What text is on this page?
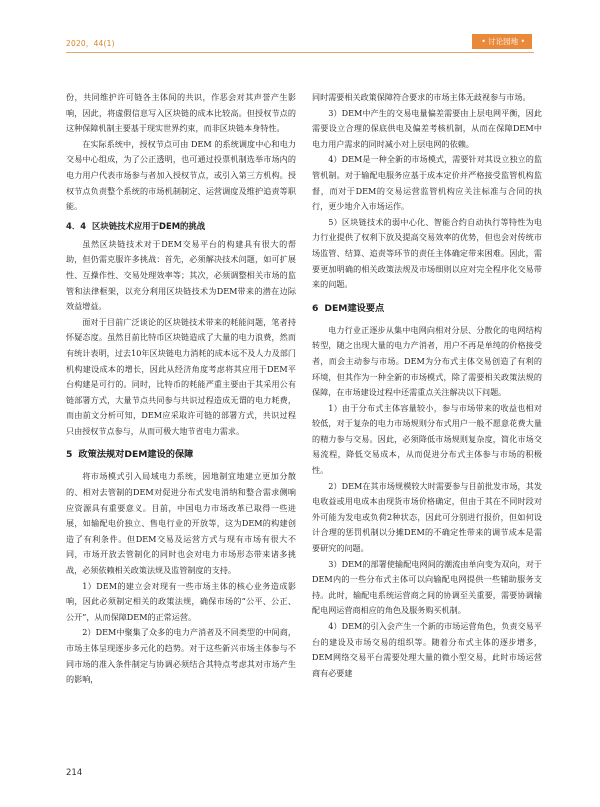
2020，44(1)	• 讨论园地 •

份，共同维护许可链各主体间的共识，作恶会对其声誉产生影响，因此，将虚假信息写入区块链的成本比较高。但授权节点的这种保障机制主要基于现实世界约束，而非区块链本身特性。

在实际系统中，授权节点可由 DEM 的系统调度中心和电力交易中心组成，为了公正透明，也可通过投票机制选举市场内的电力用户代表市场参与者加入授权节点，或引入第三方机构。授权节点负责整个系统的市场机制制定、运营调度及维护追责等职能。

4．4 区块链技术应用于DEM的挑战

虽然区块链技术对于DEM交易平台的构建具有很大的帮助，但仍需克服许多挑战：首先，必须解决技术问题，如可扩展性、互操作性、交易处理效率等；其次，必须调整相关市场的监管和法律框架，以充分利用区块链技术为DEM带来的潜在边际效益增益。

面对于目前广泛谈论的区块链技术带来的耗能问题，笔者持怀疑态度。虽然目前比特币区块链造成了大量的电力浪费，然而有统计表明，过去10年区块链电力消耗的成本远不及人力及部门机构建设成本的增长，因此从经济角度考虑将其应用于DEM平台构建是可行的。同时，比特币的耗能严重主要由于其采用公有链部署方式，大量节点共同参与共识过程造成无谓的电力耗费，而由前文分析可知，DEM应采取许可链的部署方式，共识过程只由授权节点参与，从而可极大地节省电力需求。

5 政策法规对DEM建设的保障

将市场模式引入局域电力系统，因地制宜地建立更加分散的、相对去管制的DEM对促进分布式发电消纳和整合需求侧响应资源具有重要意义。目前，中国电力市场改革已取得一些进展，如输配电价独立、售电行业的开放等，这为DEM的构建创造了有利条件。但DEM交易及运营方式与现有市场有很大不同，市场开放去管制化的同时也会对电力市场形态带来诸多挑战，必须依赖相关政策法规及监管制度的支持。

1）DEM的建立会对现有一些市场主体的核心业务造成影响，因此必须制定相关的政策法规，确保市场的“公平、公正、公开”，从而保障DEM的正常运营。

2）DEM中聚集了众多的电力产消者及不同类型的中间商，市场主体呈现逐步多元化的趋势。对于这些新兴市场主体参与不同市场的准入条件制定与协调必须结合其特点考虑其对市场产生的影响，

同时需要相关政策保障符合要求的市场主体无歧视参与市场。

3）DEM中产生的交易电量偏差需要由上层电网平衡，因此需要设立合理的保底供电及偏差考核机制，从而在保障DEM中电力用户需求的同时减小对上层电网的依赖。

4）DEM是一种全新的市场模式，需要针对其设立独立的监管机制。对于输配电服务应基于成本定价并严格接受监管机构监督，而对于DEM的交易运营监管机构应关注标准与合同的执行，更少地介入市场运作。

5）区块链技术的弱中心化、智能合约自动执行等特性为电力行业提供了权利下放及提高交易效率的优势，但也会对传统市场监管、结算、追责等环节的责任主体确定带来困难。因此，需要更加明确的相关政策法规及市场细则以应对完全程序化交易带来的问题。

6 DEM建设要点

电力行业正逐步从集中电网向相对分层、分散化的电网结构转型，随之出现大量的电力产消者，用户不再是单纯的价格接受者，而会主动参与市场。DEM为分布式主体交易创造了有利的环境，但其作为一种全新的市场模式，除了需要相关政策法规的保障，在市场建设过程中还需重点关注解决以下问题。

1）由于分布式主体容量较小，参与市场带来的收益也相对较低，对于复杂的电力市场规则分布式用户一般不愿意花费大量的精力参与交易。因此，必须降低市场规则复杂度，简化市场交易流程，降低交易成本，从而促进分布式主体参与市场的积极性。

2）DEM在其市场规模较大时需要参与目前批发市场，其发电收益或用电成本由现货市场价格确定，但由于其在不同时段对外可能为发电或负荷2种状态，因此可分别进行报价，但如何设计合理的惩罚机制以分摊DEM的不确定性带来的调节成本是需要研究的问题。

3）DEM的部署使输配电网间的潮流由单向变为双向，对于DEM内的一些分布式主体可以向输配电网提供一些辅助服务支持。此时，输配电系统运营商之间的协调至关重要，需要协调输配电网运营商相应的角色及服务购买机制。

4）DEM的引入会产生一个新的市场运营角色，负责交易平台的建设及市场交易的组织等。随着分布式主体的逐步增多，DEM网络交易平台需要处理大量的微小型交易，此时市场运营商有必要建

214
